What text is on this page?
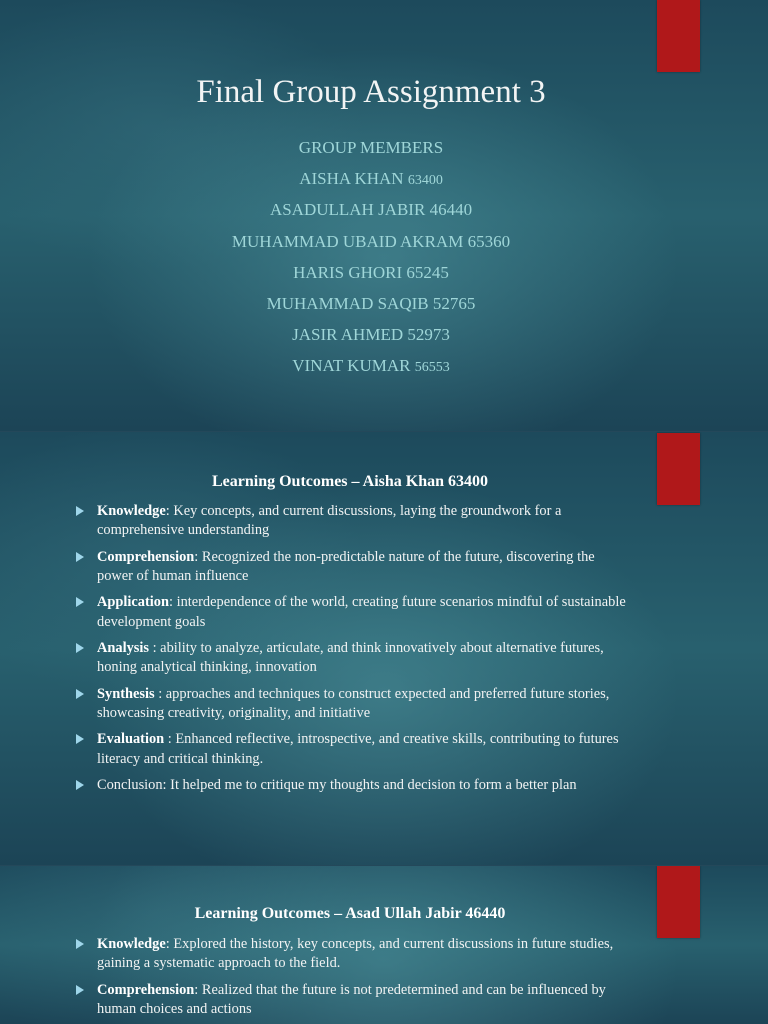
Final Group Assignment 3
GROUP MEMBERS
AISHA KHAN 63400
ASADULLAH JABIR 46440
MUHAMMAD UBAID AKRAM 65360
HARIS GHORI 65245
MUHAMMAD SAQIB 52765
JASIR AHMED 52973
VINAT KUMAR 56553
Learning Outcomes – Aisha Khan 63400
Knowledge: Key concepts, and current discussions, laying the groundwork for a comprehensive understanding
Comprehension: Recognized the non-predictable nature of the future, discovering the power of human influence
Application: interdependence of the world, creating future scenarios mindful of sustainable development goals
Analysis : ability to analyze, articulate, and think innovatively about alternative futures, honing analytical thinking, innovation
Synthesis : approaches and techniques to construct expected and preferred future stories, showcasing creativity, originality, and initiative
Evaluation : Enhanced reflective, introspective, and creative skills, contributing to futures literacy and critical thinking.
Conclusion: It helped me to critique my thoughts and decision to form a better plan
Learning Outcomes – Asad Ullah Jabir 46440
Knowledge: Explored the history, key concepts, and current discussions in future studies, gaining a systematic approach to the field.
Comprehension: Realized that the future is not predetermined and can be influenced by human choices and actions
